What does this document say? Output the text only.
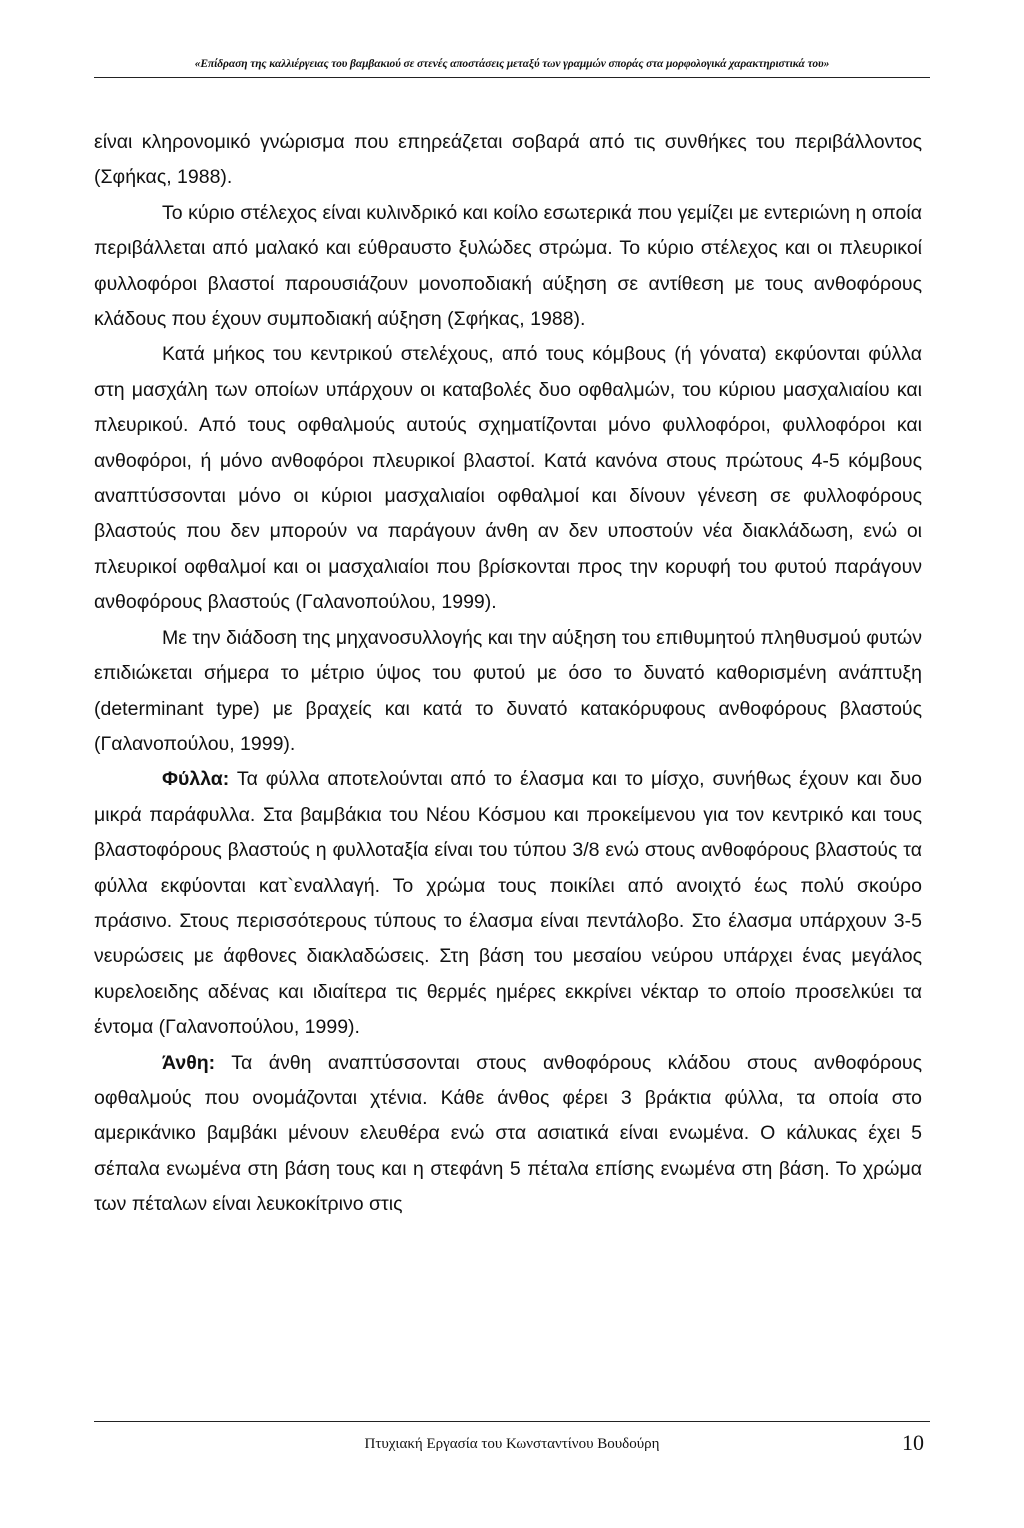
«Επίδραση της καλλιέργειας του βαμβακιού σε στενές αποστάσεις μεταξύ των γραμμών σποράς στα μορφολογικά χαρακτηριστικά του»

είναι κληρονομικό γνώρισμα που επηρεάζεται σοβαρά από τις συνθήκες του περιβάλλοντος (Σφήκας, 1988).

Το κύριο στέλεχος είναι κυλινδρικό και κοίλο εσωτερικά που γεμίζει με εντεριώνη η οποία περιβάλλεται από μαλακό και εύθραυστο ξυλώδες στρώμα. Το κύριο στέλεχος και οι πλευρικοί φυλλοφόροι βλαστοί παρουσιάζουν μονοποδιακή αύξηση σε αντίθεση με τους ανθοφόρους κλάδους που έχουν συμποδιακή αύξηση (Σφήκας, 1988).

Κατά μήκος του κεντρικού στελέχους, από τους κόμβους (ή γόνατα) εκφύονται φύλλα στη μασχάλη των οποίων υπάρχουν οι καταβολές δυο οφθαλμών, του κύριου μασχαλιαίου και πλευρικού. Από τους οφθαλμούς αυτούς σχηματίζονται μόνο φυλλοφόροι, φυλλοφόροι και ανθοφόροι, ή μόνο ανθοφόροι πλευρικοί βλαστοί. Κατά κανόνα στους πρώτους 4-5 κόμβους αναπτύσσονται μόνο οι κύριοι μασχαλιαίοι οφθαλμοί και δίνουν γένεση σε φυλλοφόρους βλαστούς που δεν μπορούν να παράγουν άνθη αν δεν υποστούν νέα διακλάδωση, ενώ οι πλευρικοί οφθαλμοί και οι μασχαλιαίοι που βρίσκονται προς την κορυφή του φυτού παράγουν ανθοφόρους βλαστούς (Γαλανοπούλου, 1999).

Με την διάδοση της μηχανοσυλλογής και την αύξηση του επιθυμητού πληθυσμού φυτών επιδιώκεται σήμερα το μέτριο ύψος του φυτού με όσο το δυνατό καθορισμένη ανάπτυξη (determinant type) με βραχείς και κατά το δυνατό κατακόρυφους ανθοφόρους βλαστούς (Γαλανοπούλου, 1999).

Φύλλα: Τα φύλλα αποτελούνται από το έλασμα και το μίσχο, συνήθως έχουν και δυο μικρά παράφυλλα. Στα βαμβάκια του Νέου Κόσμου και προκείμενου για τον κεντρικό και τους βλαστοφόρους βλαστούς η φυλλοταξία είναι του τύπου 3/8 ενώ στους ανθοφόρους βλαστούς τα φύλλα εκφύονται κατ`εναλλαγή. Το χρώμα τους ποικίλει από ανοιχτό έως πολύ σκούρο πράσινο. Στους περισσότερους τύπους το έλασμα είναι πεντάλοβο. Στο έλασμα υπάρχουν 3-5 νευρώσεις με άφθονες διακλαδώσεις. Στη βάση του μεσαίου νεύρου υπάρχει ένας μεγάλος κυρελοειδης αδένας και ιδιαίτερα τις θερμές ημέρες εκκρίνει νέκταρ το οποίο προσελκύει τα έντομα (Γαλανοπούλου, 1999).

Άνθη: Τα άνθη αναπτύσσονται στους ανθοφόρους κλάδου στους ανθοφόρους οφθαλμούς που ονομάζονται χτένια. Κάθε άνθος φέρει 3 βράκτια φύλλα, τα οποία στο αμερικάνικο βαμβάκι μένουν ελευθέρα ενώ στα ασιατικά είναι ενωμένα. Ο κάλυκας έχει 5 σέπαλα ενωμένα στη βάση τους και η στεφάνη 5 πέταλα επίσης ενωμένα στη βάση. Το χρώμα των πέταλων είναι λευκοκίτρινο στις

Πτυχιακή Εργασία του Κωνσταντίνου Βουδούρη	10
